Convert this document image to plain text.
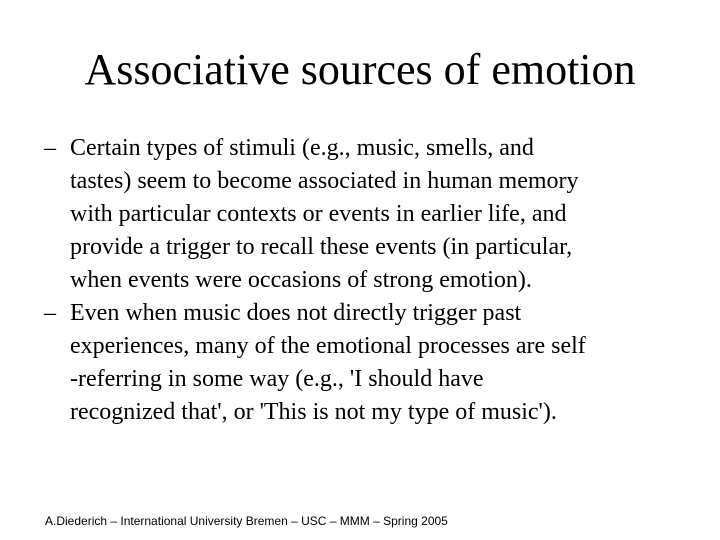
Associative sources of emotion
– Certain types of stimuli (e.g., music, smells, and
tastes) seem to become associated in human memory
with particular contexts or events in earlier life, and
provide a trigger to recall these events (in particular,
when events were occasions of strong emotion).
– Even when music does not directly trigger past
experiences, many of the emotional processes are self
-referring in some way (e.g., 'I should have
recognized that', or 'This is not my type of music').
A.Diederich – International University Bremen – USC – MMM – Spring 2005
